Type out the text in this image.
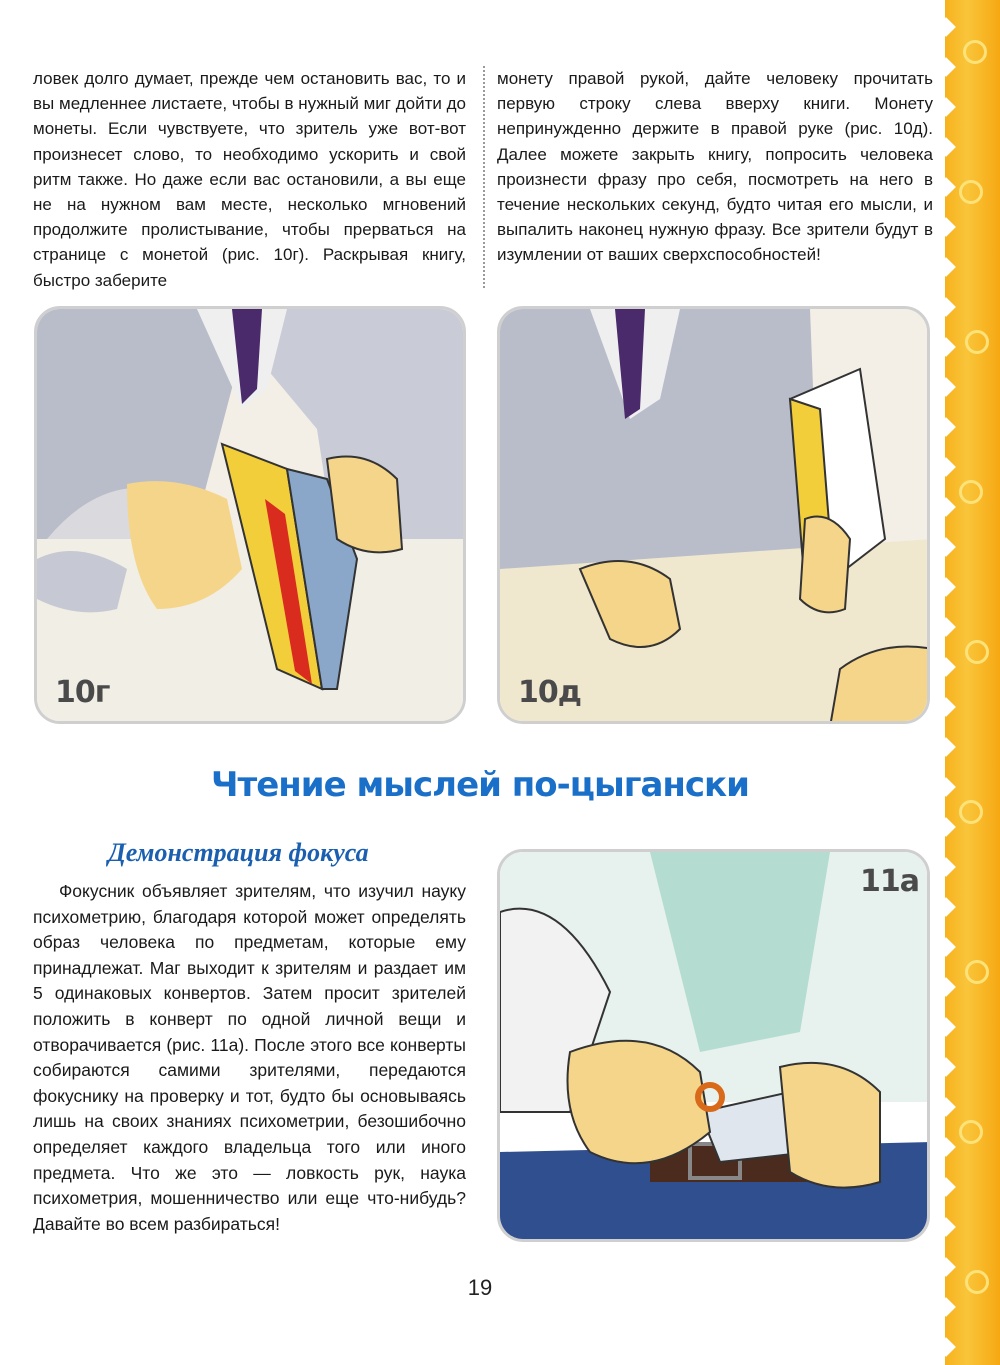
ловек долго думает, прежде чем остановить вас, то и вы медленнее листаете, чтобы в нужный миг дойти до монеты. Если чувствуете, что зритель уже вот-вот произнесет слово, то необходимо ускорить и свой ритм также. Но даже если вас остановили, а вы еще не на нужном вам месте, несколько мгновений продолжите пролистывание, чтобы прерваться на странице с монетой (рис. 10г). Раскрывая книгу, быстро заберите

монету правой рукой, дайте человеку прочитать первую строку слева вверху книги. Монету непринужденно держите в правой руке (рис. 10д). Далее можете закрыть книгу, попросить человека произнести фразу про себя, посмотреть на него в течение нескольких секунд, будто читая его мысли, и выпалить наконец нужную фразу. Все зрители будут в изумлении от ваших сверхспособностей!

10г	10д
Чтение мыслей по-цыгански
Демонстрация фокуса

Фокусник объявляет зрителям, что изучил науку психометрию, благодаря которой может определять образ человека по предметам, которые ему принадлежат. Маг выходит к зрителям и раздает им 5 одинаковых конвертов. Затем просит зрителей положить в конверт по одной личной вещи и отворачивается (рис. 11а). После этого все конверты собираются самими зрителями, передаются фокуснику на проверку и тот, будто бы основываясь лишь на своих знаниях психометрии, безошибочно определяет каждого владельца того или иного предмета. Что же это — ловкость рук, наука психометрия, мошенничество или еще что-нибудь? Давайте во всем разбираться!

11а
19
